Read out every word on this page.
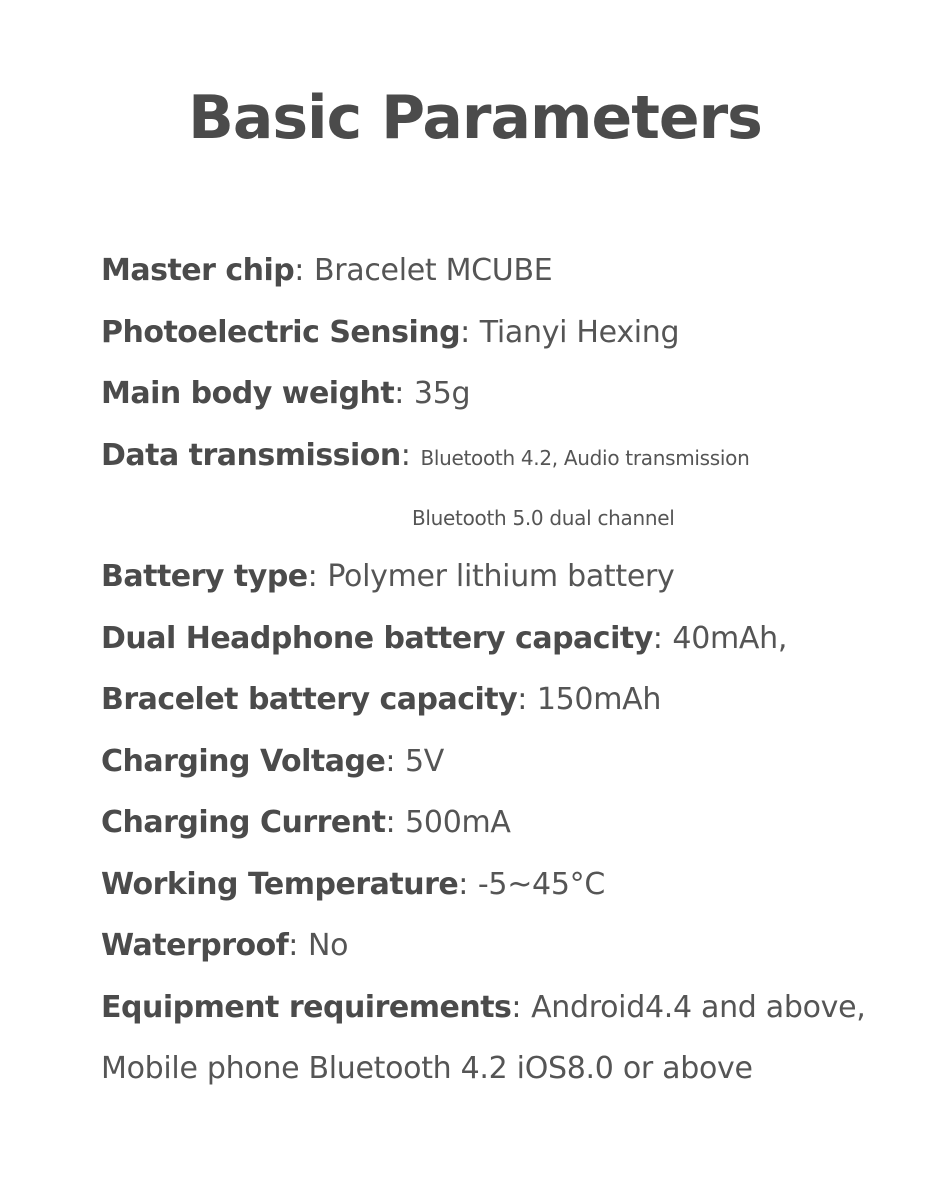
Basic Parameters
Master chip: Bracelet MCUBE
Photoelectric Sensing: Tianyi Hexing
Main body weight: 35g
Data transmission: Bluetooth 4.2, Audio transmission
Bluetooth 5.0 dual channel
Battery type: Polymer lithium battery
Dual Headphone battery capacity: 40mAh,
Bracelet battery capacity: 150mAh
Charging Voltage: 5V
Charging Current: 500mA
Working Temperature: -5~45°C
Waterproof: No
Equipment requirements: Android4.4 and above,
Mobile phone Bluetooth 4.2 iOS8.0 or above
